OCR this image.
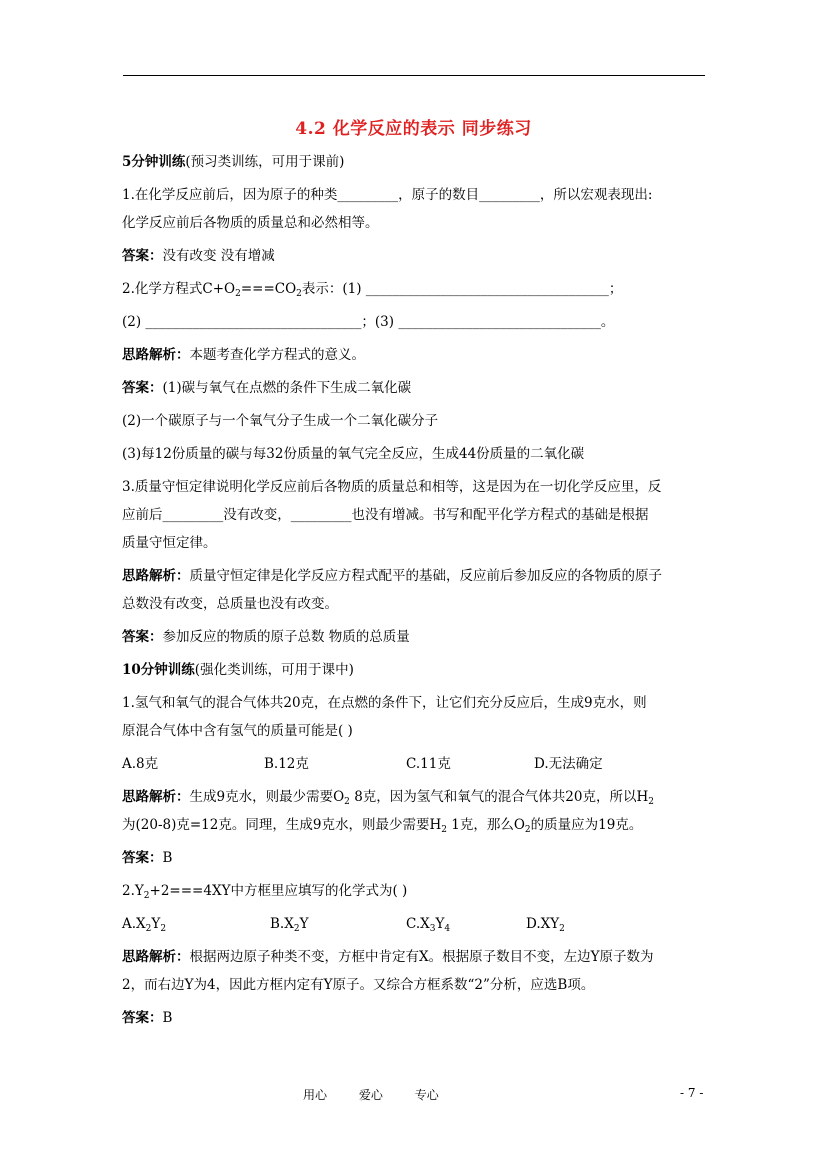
4.2 化学反应的表示 同步练习
5分钟训练(预习类训练，可用于课前)
1.在化学反应前后，因为原子的种类_________，原子的数目_________，所以宏观表现出:
化学反应前后各物质的质量总和必然相等。
答案：没有改变 没有增减
2.化学方程式$C+O_2===CO_2$表示：(1) ____________________________________；
(2) ________________________________；(3) ______________________________。
思路解析：本题考查化学方程式的意义。
答案：(1)碳与氧气在点燃的条件下生成二氧化碳
(2)一个碳原子与一个氧气分子生成一个二氧化碳分子
(3)每12份质量的碳与每32份质量的氧气完全反应，生成44份质量的二氧化碳
3.质量守恒定律说明化学反应前后各物质的质量总和相等，这是因为在一切化学反应里，反
应前后_________没有改变，_________也没有增减。书写和配平化学方程式的基础是根据
质量守恒定律。
思路解析：质量守恒定律是化学反应方程式配平的基础，反应前后参加反应的各物质的原子
总数没有改变，总质量也没有改变。
答案：参加反应的物质的原子总数 物质的总质量
10分钟训练(强化类训练，可用于课中)
1.氢气和氧气的混合气体共20克，在点燃的条件下，让它们充分反应后，生成9克水，则
原混合气体中含有氢气的质量可能是( )
A.8克	B.12克	C.11克	D.无法确定
思路解析：生成9克水，则最少需要$O_2$ 8克，因为氢气和氧气的混合气体共20克，所以$H_2$
为(20-8)克=12克。同理，生成9克水，则最少需要$H_2$ 1克，那么$O_2$的质量应为19克。
答案：B
$2.Y_2+2===4XY$中方框里应填写的化学式为( )
$A.X_2Y_2$	$B.X_2Y$	$C.X_3Y_4$	$D.XY_2$
思路解析：根据两边原子种类不变，方框中肯定有X。根据原子数目不变，左边Y原子数为
2，而右边Y为4，因此方框内定有Y原子。又综合方框系数“2”分析，应选B项。
答案：B
用心	爱心	专心	- 7 -
